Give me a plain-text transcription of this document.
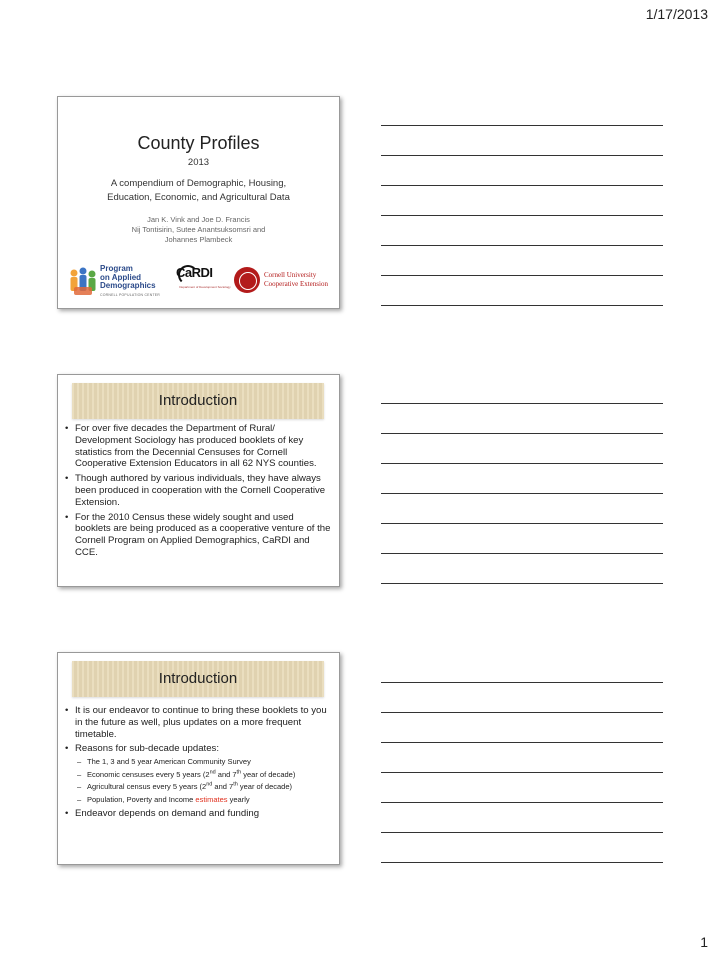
1/17/2013
County Profiles
2013
A compendium of Demographic, Housing,
Education, Economic, and Agricultural Data
Jan K. Vink and Joe D. Francis
Nij Tontisirin, Sutee Anantsuksomsri and
Johannes Plambeck
Program
on Applied
Demographics
CORNELL POPULATION CENTER
CaRDI
Department of Development Sociology
Cornell University
Cooperative Extension
Introduction
• For over five decades the Department of Rural/ Development Sociology has produced booklets of key statistics from the Decennial Censuses for Cornell Cooperative Extension Educators in all 62 NYS counties.
• Though authored by various individuals, they have always been produced in cooperation with the Cornell Cooperative Extension.
• For the 2010 Census these widely sought and used booklets are being produced as a cooperative venture of the Cornell Program on Applied Demographics, CaRDI and CCE.
Introduction
• It is our endeavor to continue to bring these booklets to you in the future as well, plus updates on a more frequent timetable.
• Reasons for sub-decade updates:
– The 1, 3 and 5 year American Community Survey
– Economic censuses every 5 years (2nd and 7th year of decade)
– Agricultural census every 5 years (2nd and 7th year of decade)
– Population, Poverty and Income estimates yearly
• Endeavor depends on demand and funding
1
